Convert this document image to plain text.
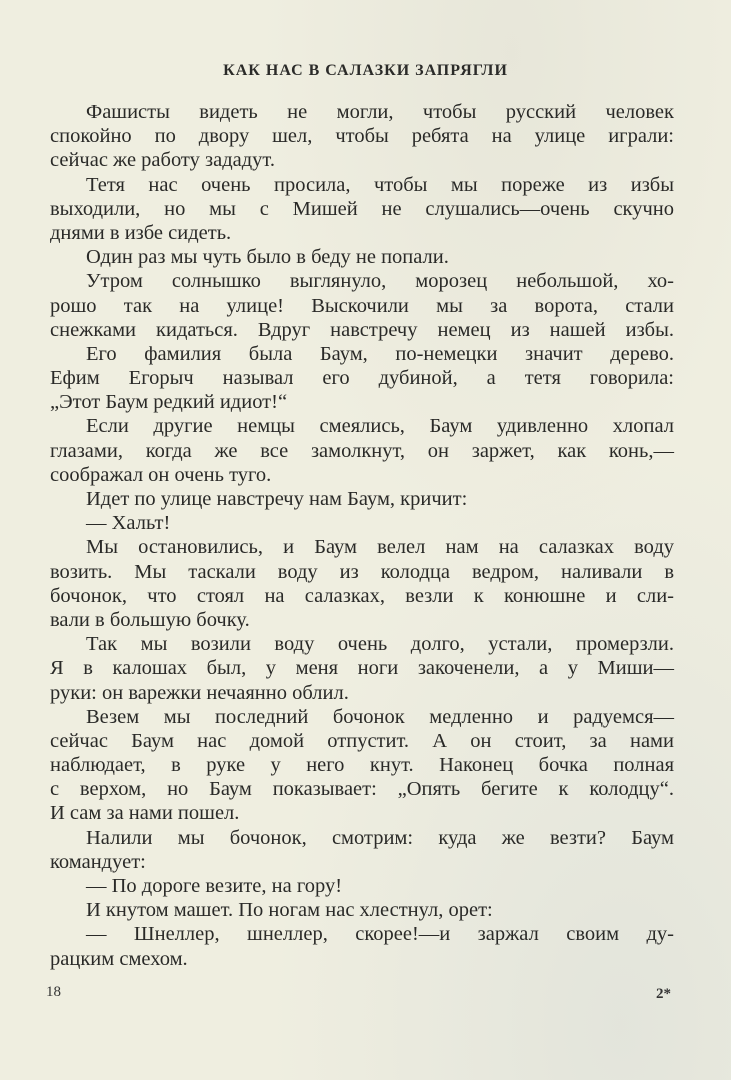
КАК НАС В САЛАЗКИ ЗАПРЯГЛИ
Фашисты видеть не могли, чтобы русский человек
спокойно по двору шел, чтобы ребята на улице играли:
сейчас же работу зададут.
Тетя нас очень просила, чтобы мы пореже из избы
выходили, но мы с Мишей не слушались—очень скучно
днями в избе сидеть.
Один раз мы чуть было в беду не попали.
Утром солнышко выглянуло, морозец небольшой, хо-
рошо так на улице! Выскочили мы за ворота, стали
снежками кидаться. Вдруг навстречу немец из нашей избы.
Его фамилия была Баум, по-немецки значит дерево.
Ефим Егорыч называл его дубиной, а тетя говорила:
„Этот Баум редкий идиот!“
Если другие немцы смеялись, Баум удивленно хлопал
глазами, когда же все замолкнут, он заржет, как конь,—
соображал он очень туго.
Идет по улице навстречу нам Баум, кричит:
— Хальт!
Мы остановились, и Баум велел нам на салазках воду
возить. Мы таскали воду из колодца ведром, наливали в
бочонок, что стоял на салазках, везли к конюшне и сли-
вали в большую бочку.
Так мы возили воду очень долго, устали, промерзли.
Я в калошах был, у меня ноги закоченели, а у Миши—
руки: он варежки нечаянно облил.
Везем мы последний бочонок медленно и радуемся—
сейчас Баум нас домой отпустит. А он стоит, за нами
наблюдает, в руке у него кнут. Наконец бочка полная
с верхом, но Баум показывает: „Опять бегите к колодцу“.
И сам за нами пошел.
Налили мы бочонок, смотрим: куда же везти? Баум
командует:
— По дороге везите, на гору!
И кнутом машет. По ногам нас хлестнул, орет:
— Шнеллер, шнеллер, скорее!—и заржал своим ду-
рацким смехом.
18	2*
